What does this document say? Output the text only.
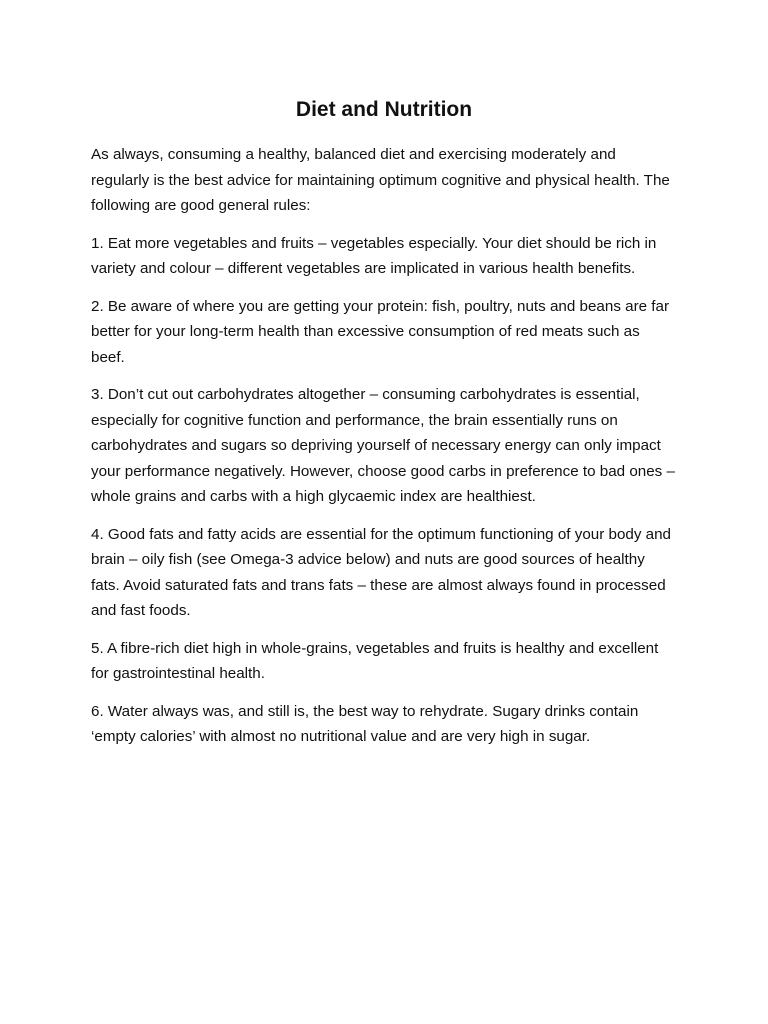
Diet and Nutrition

As always, consuming a healthy, balanced diet and exercising moderately and regularly is the best advice for maintaining optimum cognitive and physical health. The following are good general rules:

1. Eat more vegetables and fruits – vegetables especially. Your diet should be rich in variety and colour – different vegetables are implicated in various health benefits.

2. Be aware of where you are getting your protein: fish, poultry, nuts and beans are far better for your long-term health than excessive consumption of red meats such as beef.

3. Don’t cut out carbohydrates altogether – consuming carbohydrates is essential, especially for cognitive function and performance, the brain essentially runs on carbohydrates and sugars so depriving yourself of necessary energy can only impact your performance negatively. However, choose good carbs in preference to bad ones – whole grains and carbs with a high glycaemic index are healthiest.

4. Good fats and fatty acids are essential for the optimum functioning of your body and brain – oily fish (see Omega-3 advice below) and nuts are good sources of healthy fats. Avoid saturated fats and trans fats – these are almost always found in processed and fast foods.

5. A fibre-rich diet high in whole-grains, vegetables and fruits is healthy and excellent for gastrointestinal health.

6. Water always was, and still is, the best way to rehydrate. Sugary drinks contain ‘empty calories’ with almost no nutritional value and are very high in sugar.
